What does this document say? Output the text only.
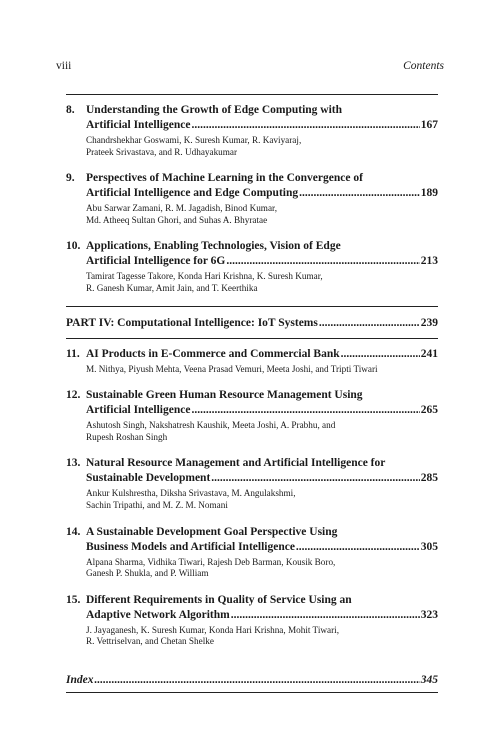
viii	Contents
8. Understanding the Growth of Edge Computing with
Artificial Intelligence .....	167
Chandrshekhar Goswami, K. Suresh Kumar, R. Kaviyaraj,
Prateek Srivastava, and R. Udhayakumar
9. Perspectives of Machine Learning in the Convergence of
Artificial Intelligence and Edge Computing .....	189
Abu Sarwar Zamani, R. M. Jagadish, Binod Kumar,
Md. Atheeq Sultan Ghori, and Suhas A. Bhyratae
10. Applications, Enabling Technologies, Vision of Edge
Artificial Intelligence for 6G .....	213
Tamirat Tagesse Takore, Konda Hari Krishna, K. Suresh Kumar,
R. Ganesh Kumar, Amit Jain, and T. Keerthika
PART IV: Computational Intelligence: IoT Systems .....	239
11. AI Products in E-Commerce and Commercial Bank .....	241
M. Nithya, Piyush Mehta, Veena Prasad Vemuri, Meeta Joshi, and Tripti Tiwari
12. Sustainable Green Human Resource Management Using
Artificial Intelligence .....	265
Ashutosh Singh, Nakshatresh Kaushik, Meeta Joshi, A. Prabhu, and
Rupesh Roshan Singh
13. Natural Resource Management and Artificial Intelligence for
Sustainable Development .....	285
Ankur Kulshrestha, Diksha Srivastava, M. Angulakshmi,
Sachin Tripathi, and M. Z. M. Nomani
14. A Sustainable Development Goal Perspective Using
Business Models and Artificial Intelligence .....	305
Alpana Sharma, Vidhika Tiwari, Rajesh Deb Barman, Kousik Boro,
Ganesh P. Shukla, and P. William
15. Different Requirements in Quality of Service Using an
Adaptive Network Algorithm .....	323
J. Jayaganesh, K. Suresh Kumar, Konda Hari Krishna, Mohit Tiwari,
R. Vettriselvan, and Chetan Shelke
Index .....	345
